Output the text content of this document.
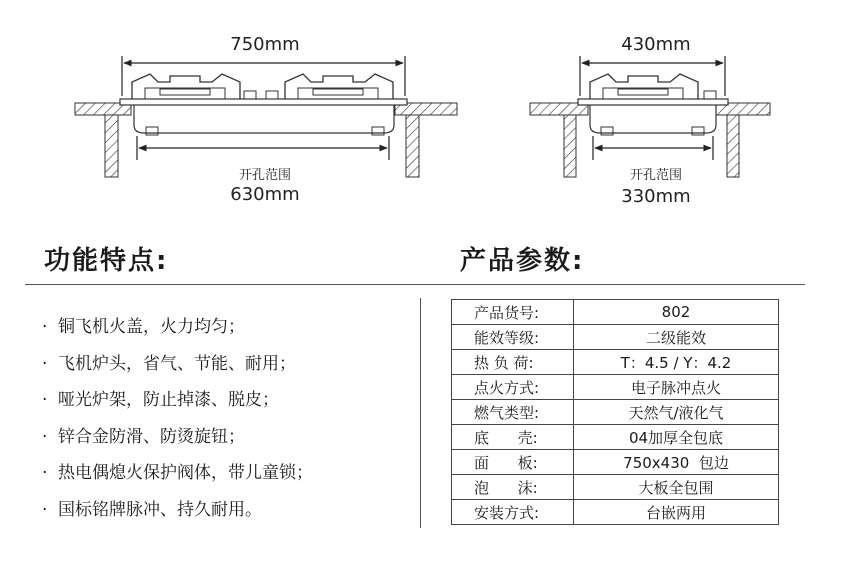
750mm
开孔范围
630mm
430mm
开孔范围
330mm
功能特点:	产品参数:
· 铜飞机火盖，火力均匀；
· 飞机炉头，省气、节能、耐用；
· 哑光炉架，防止掉漆、脱皮；
· 锌合金防滑、防烫旋钮；
· 热电偶熄火保护阀体，带儿童锁；
· 国标铭牌脉冲、持久耐用。
产品货号:	802
能效等级:	二级能效
热 负 荷:	T：4.5 / Y：4.2
点火方式:	电子脉冲点火
燃气类型:	天然气/液化气
底      壳:	04加厚全包底
面      板:	750x430  包边
泡      沫:	大板全包围
安装方式:	台嵌两用
